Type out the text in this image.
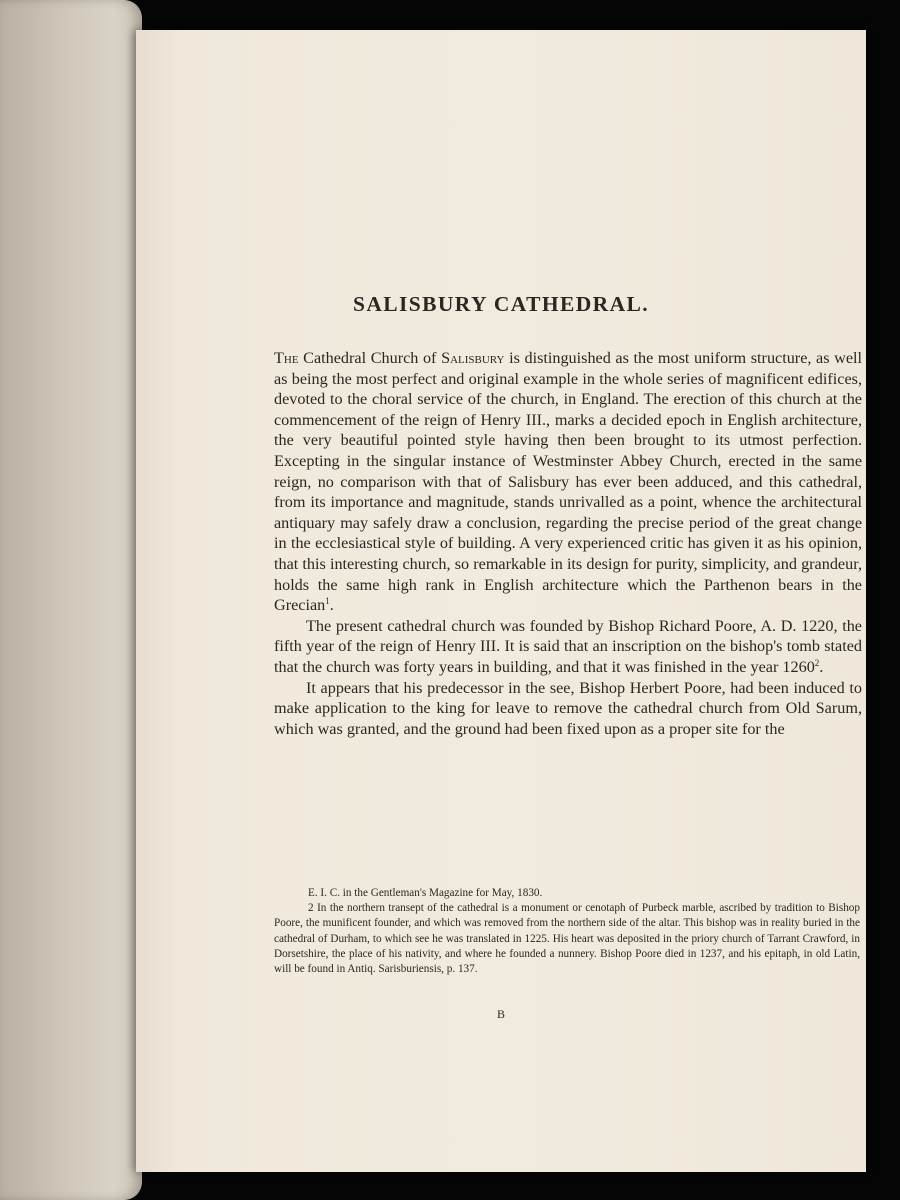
SALISBURY CATHEDRAL.

The Cathedral Church of Salisbury is distinguished as the most uniform structure, as well as being the most perfect and original example in the whole series of magnificent edifices, devoted to the choral service of the church, in England. The erection of this church at the commencement of the reign of Henry III., marks a decided epoch in English architecture, the very beautiful pointed style having then been brought to its utmost perfection. Excepting in the singular instance of Westminster Abbey Church, erected in the same reign, no comparison with that of Salisbury has ever been adduced, and this cathedral, from its importance and magnitude, stands unrivalled as a point, whence the architectural antiquary may safely draw a conclusion, regarding the precise period of the great change in the ecclesiastical style of building. A very experienced critic has given it as his opinion, that this interesting church, so remarkable in its design for purity, simplicity, and grandeur, holds the same high rank in English architecture which the Parthenon bears in the Grecian$^1$.

The present cathedral church was founded by Bishop Richard Poore, A. D. 1220, the fifth year of the reign of Henry III. It is said that an inscription on the bishop's tomb stated that the church was forty years in building, and that it was finished in the year 1260$^2$.

It appears that his predecessor in the see, Bishop Herbert Poore, had been induced to make application to the king for leave to remove the cathedral church from Old Sarum, which was granted, and the ground had been fixed upon as a proper site for the

E. I. C. in the Gentleman's Magazine for May, 1830.

2 In the northern transept of the cathedral is a monument or cenotaph of Purbeck marble, ascribed by tradition to Bishop Poore, the munificent founder, and which was removed from the northern side of the altar. This bishop was in reality buried in the cathedral of Durham, to which see he was translated in 1225. His heart was deposited in the priory church of Tarrant Crawford, in Dorsetshire, the place of his nativity, and where he founded a nunnery. Bishop Poore died in 1237, and his epitaph, in old Latin, will be found in Antiq. Sarisburiensis, p. 137.

B
